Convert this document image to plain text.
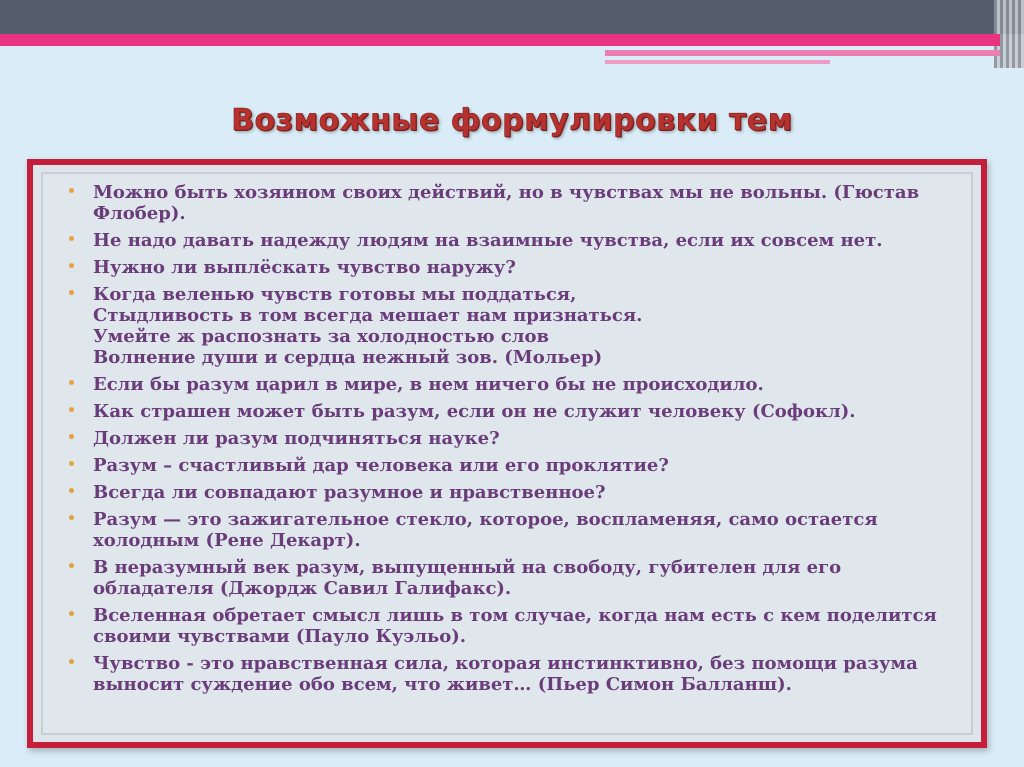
Возможные формулировки тем
• Можно быть хозяином своих действий, но в чувствах мы не вольны. (Гюстав
Флобер).
• Не надо давать надежду людям на взаимные чувства, если их совсем нет.
• Нужно ли выплёскать чувство наружу?
• Когда веленью чувств готовы мы поддаться,
Стыдливость в том всегда мешает нам признаться.
Умейте ж распознать за холодностью слов
Волнение души и сердца нежный зов. (Мольер)
• Если бы разум царил в мире, в нем ничего бы не происходило.
• Как страшен может быть разум, если он не служит человеку (Софокл).
• Должен ли разум подчиняться науке?
• Разум – счастливый дар человека или его проклятие?
• Всегда ли совпадают разумное и нравственное?
• Разум — это зажигательное стекло, которое, воспламеняя, само остается
холодным (Рене Декарт).
• В неразумный век разум, выпущенный на свободу, губителен для его
обладателя (Джордж Савил Галифакс).
• Вселенная обретает смысл лишь в том случае, когда нам есть с кем поделится
своими чувствами (Пауло Куэльо).
• Чувство - это нравственная сила, которая инстинктивно, без помощи разума
выносит суждение обо всем, что живет… (Пьер Симон Балланш).
